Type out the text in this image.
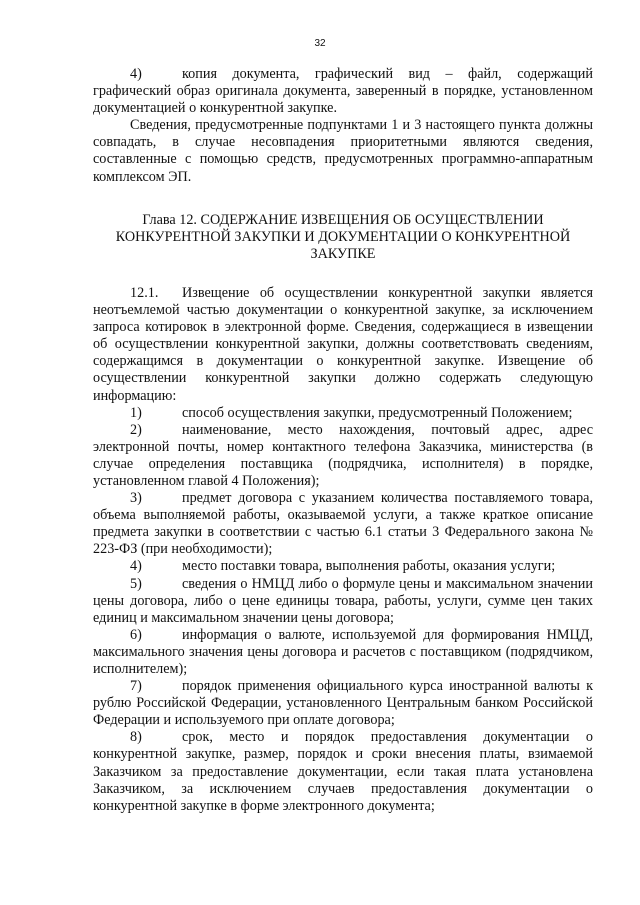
32

4)	копия документа, графический вид – файл, содержащий графический образ оригинала документа, заверенный в порядке, установленном документацией о конкурентной закупке.

Сведения, предусмотренные подпунктами 1 и 3 настоящего пункта должны совпадать, в случае несовпадения приоритетными являются сведения, составленные с помощью средств, предусмотренных программно-аппаратным комплексом ЭП.

Глава 12. СОДЕРЖАНИЕ ИЗВЕЩЕНИЯ ОБ ОСУЩЕСТВЛЕНИИ КОНКУРЕНТНОЙ ЗАКУПКИ И ДОКУМЕНТАЦИИ О КОНКУРЕНТНОЙ ЗАКУПКЕ

12.1. Извещение об осуществлении конкурентной закупки является неотъемлемой частью документации о конкурентной закупке, за исключением запроса котировок в электронной форме. Сведения, содержащиеся в извещении об осуществлении конкурентной закупки, должны соответствовать сведениям, содержащимся в документации о конкурентной закупке. Извещение об осуществлении конкурентной закупки должно содержать следующую информацию:

1)	способ осуществления закупки, предусмотренный Положением;

2)	наименование, место нахождения, почтовый адрес, адрес электронной почты, номер контактного телефона Заказчика, министерства (в случае определения поставщика (подрядчика, исполнителя) в порядке, установленном главой 4 Положения);

3)	предмет договора с указанием количества поставляемого товара, объема выполняемой работы, оказываемой услуги, а также краткое описание предмета закупки в соответствии с частью 6.1 статьи 3 Федерального закона № 223-ФЗ (при необходимости);

4)	место поставки товара, выполнения работы, оказания услуги;

5)	сведения о НМЦД либо о формуле цены и максимальном значении цены договора, либо о цене единицы товара, работы, услуги, сумме цен таких единиц и максимальном значении цены договора;

6)	информация о валюте, используемой для формирования НМЦД, максимального значения цены договора и расчетов с поставщиком (подрядчиком, исполнителем);

7)	порядок применения официального курса иностранной валюты к рублю Российской Федерации, установленного Центральным банком Российской Федерации и используемого при оплате договора;

8)	срок, место и порядок предоставления документации о конкурентной закупке, размер, порядок и сроки внесения платы, взимаемой Заказчиком за предоставление документации, если такая плата установлена Заказчиком, за исключением случаев предоставления документации о конкурентной закупке в форме электронного документа;
